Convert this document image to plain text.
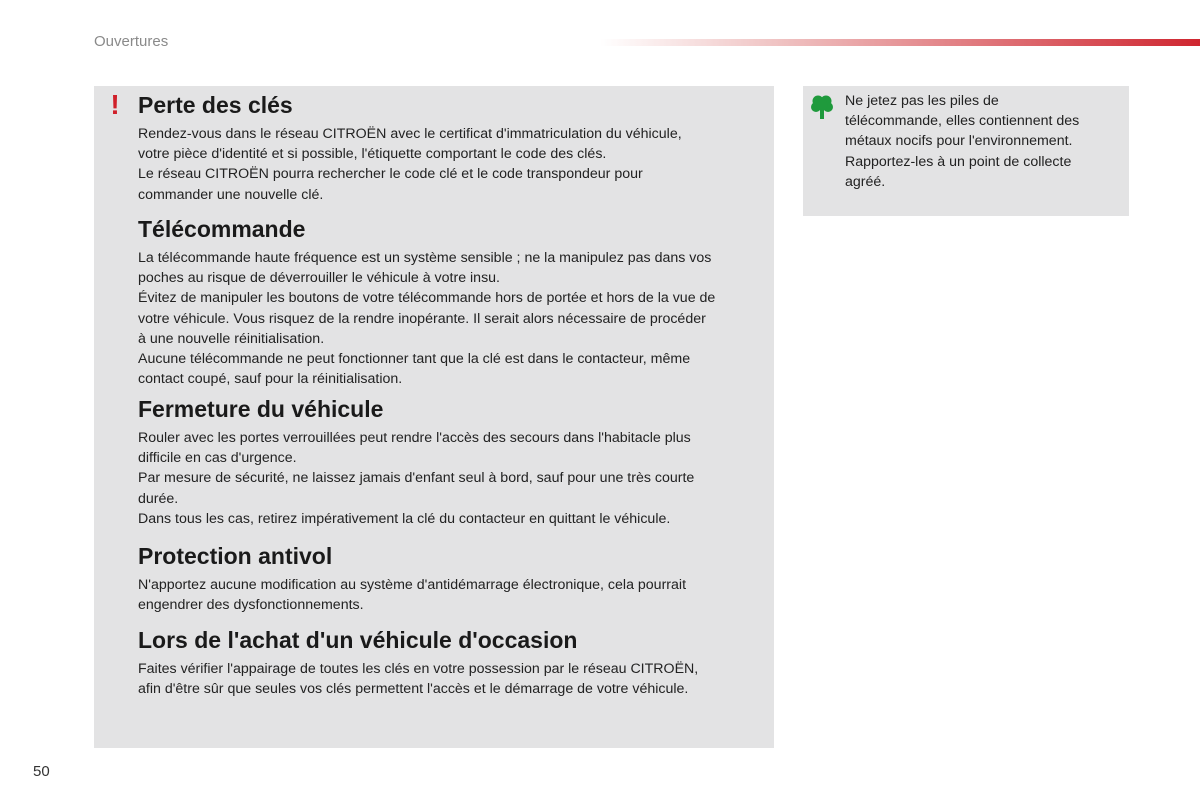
Ouvertures
! Perte des clés

Rendez-vous dans le réseau CITROËN avec le certificat d'immatriculation du véhicule,

votre pièce d'identité et si possible, l'étiquette comportant le code des clés.

Le réseau CITROËN pourra rechercher le code clé et le code transpondeur pour

commander une nouvelle clé.

Télécommande

La télécommande haute fréquence est un système sensible ; ne la manipulez pas dans vos

poches au risque de déverrouiller le véhicule à votre insu.

Évitez de manipuler les boutons de votre télécommande hors de portée et hors de la vue de

votre véhicule. Vous risquez de la rendre inopérante. Il serait alors nécessaire de procéder

à une nouvelle réinitialisation.

Aucune télécommande ne peut fonctionner tant que la clé est dans le contacteur, même

contact coupé, sauf pour la réinitialisation.

Fermeture du véhicule

Rouler avec les portes verrouillées peut rendre l'accès des secours dans l'habitacle plus

difficile en cas d'urgence.

Par mesure de sécurité, ne laissez jamais d'enfant seul à bord, sauf pour une très courte

durée.

Dans tous les cas, retirez impérativement la clé du contacteur en quittant le véhicule.

Protection antivol

N'apportez aucune modification au système d'antidémarrage électronique, cela pourrait

engendrer des dysfonctionnements.

Lors de l'achat d'un véhicule d'occasion

Faites vérifier l'appairage de toutes les clés en votre possession par le réseau CITROËN,

afin d'être sûr que seules vos clés permettent l'accès et le démarrage de votre véhicule.

Ne jetez pas les piles de
télécommande, elles contiennent des
métaux nocifs pour l'environnement.
Rapportez-les à un point de collecte
agréé.
50
